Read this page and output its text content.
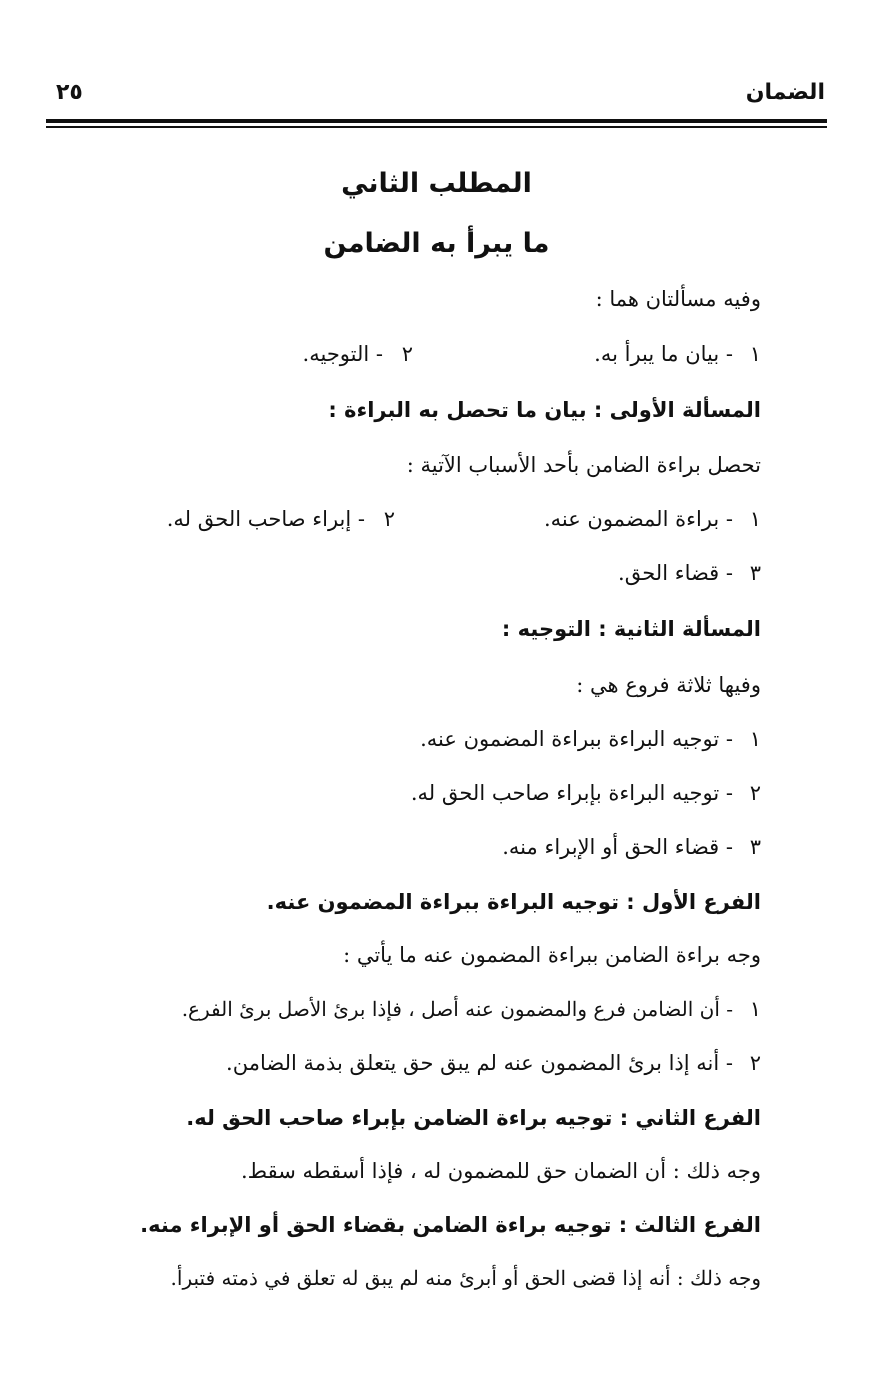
الضمان
٢٥
المطلب الثاني
ما يبرأ به الضامن
وفيه مسألتان هما :
١
- بيان ما يبرأ به.
٢
- التوجيه.
المسألة الأولى : بيان ما تحصل به البراءة :
تحصل براءة الضامن بأحد الأسباب الآتية :
١
- براءة المضمون عنه.
٢
- إبراء صاحب الحق له.
٣
- قضاء الحق.
المسألة الثانية : التوجيه :
وفيها ثلاثة فروع هي :
١
- توجيه البراءة ببراءة المضمون عنه.
٢
- توجيه البراءة بإبراء صاحب الحق له.
٣
- قضاء الحق أو الإبراء منه.
الفرع الأول : توجيه البراءة ببراءة المضمون عنه.
وجه براءة الضامن ببراءة المضمون عنه ما يأتي :
١
- أن الضامن فرع والمضمون عنه أصل ، فإذا برئ الأصل برئ الفرع.
٢
- أنه إذا برئ المضمون عنه لم يبق حق يتعلق بذمة الضامن.
الفرع الثاني : توجيه براءة الضامن بإبراء صاحب الحق له.
وجه ذلك : أن الضمان حق للمضمون له ، فإذا أسقطه سقط.
الفرع الثالث : توجيه براءة الضامن بقضاء الحق أو الإبراء منه.
وجه ذلك : أنه إذا قضى الحق أو أبرئ منه لم يبق له تعلق في ذمته فتبرأ.
